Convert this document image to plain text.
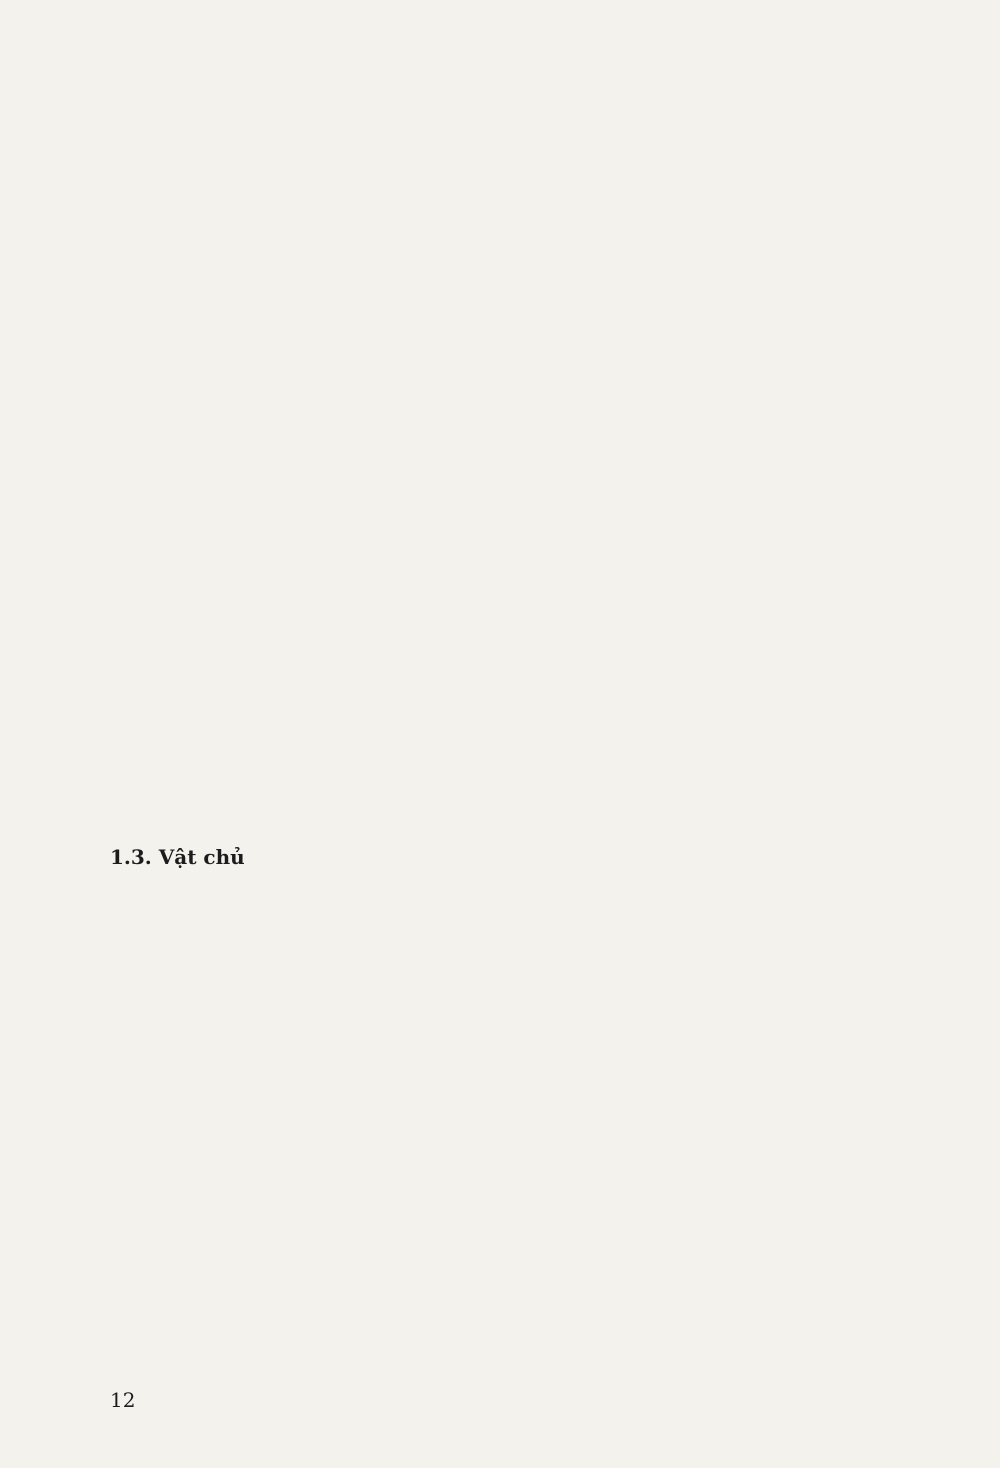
1.3. Vật chủ

12
